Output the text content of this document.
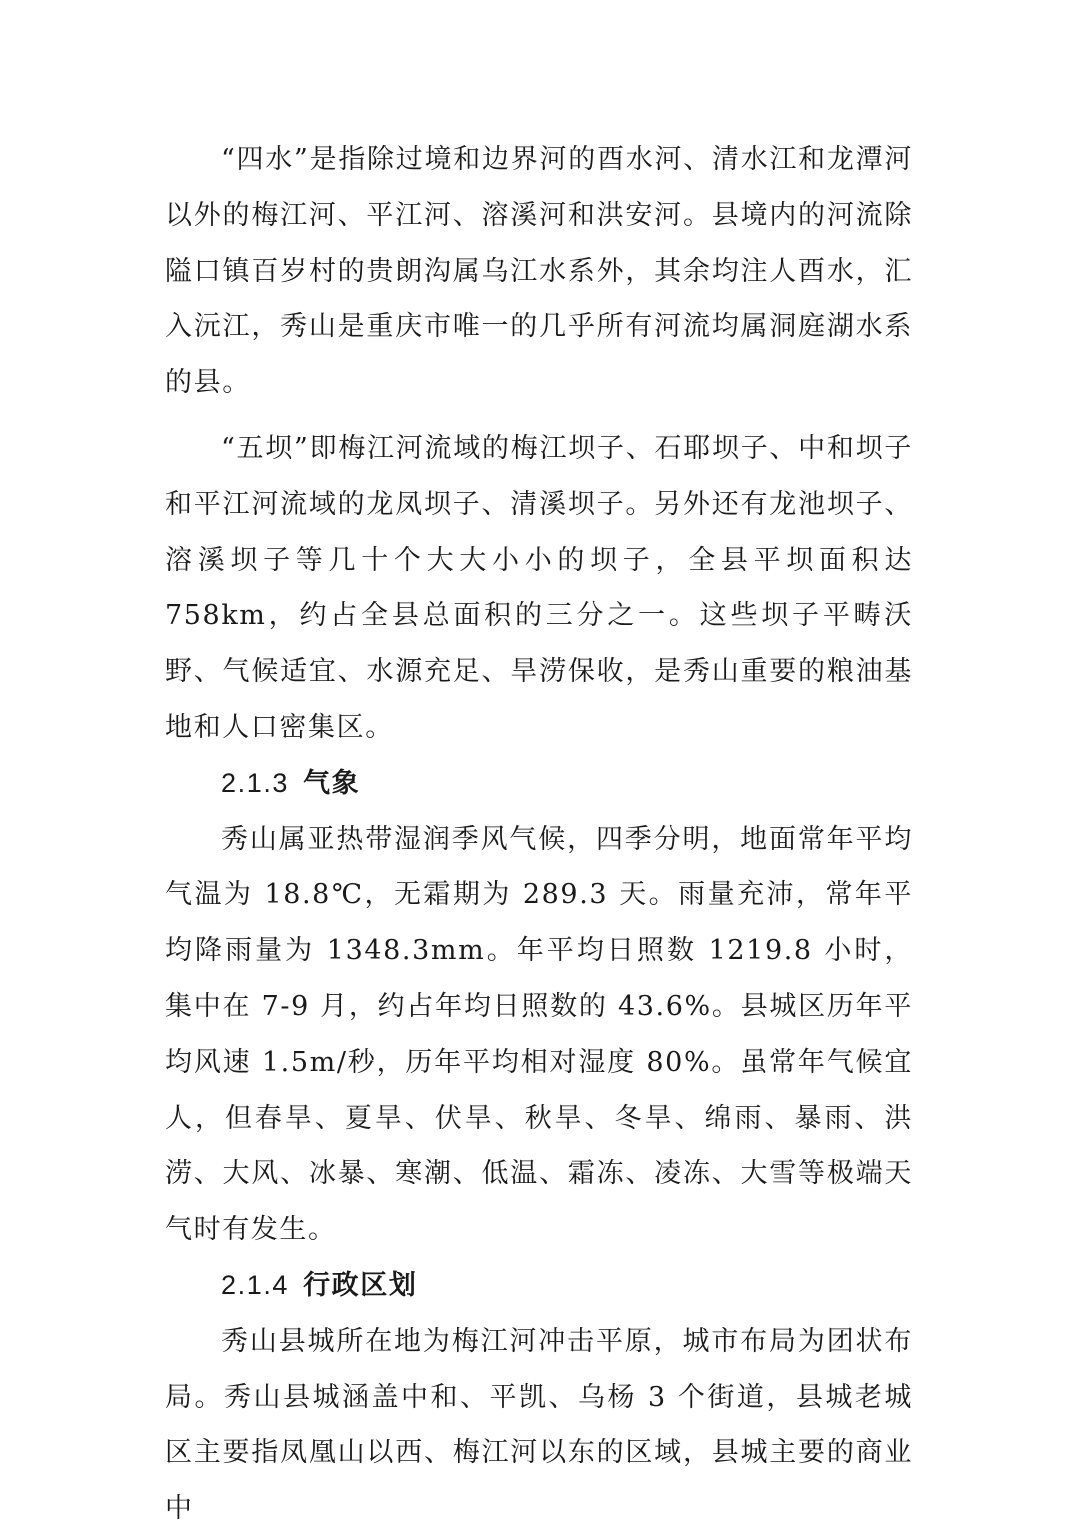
“四水”是指除过境和边界河的酉水河、清水江和龙潭河以外的梅江河、平江河、溶溪河和洪安河。县境内的河流除隘口镇百岁村的贵朗沟属乌江水系外，其余均注人酉水，汇入沅江，秀山是重庆市唯一的几乎所有河流均属洞庭湖水系的县。

“五坝”即梅江河流域的梅江坝子、石耶坝子、中和坝子和平江河流域的龙凤坝子、清溪坝子。另外还有龙池坝子、溶溪坝子等几十个大大小小的坝子，全县平坝面积达 758km，约占全县总面积的三分之一。这些坝子平畴沃野、气候适宜、水源充足、旱涝保收，是秀山重要的粮油基地和人口密集区。

2.1.3 气象

秀山属亚热带湿润季风气候，四季分明，地面常年平均气温为 18.8℃，无霜期为 289.3 天。雨量充沛，常年平均降雨量为 1348.3mm。年平均日照数 1219.8 小时，集中在 7-9 月，约占年均日照数的 43.6%。县城区历年平均风速 1.5m/秒，历年平均相对湿度 80%。虽常年气候宜人，但春旱、夏旱、伏旱、秋旱、冬旱、绵雨、暴雨、洪涝、大风、冰暴、寒潮、低温、霜冻、凌冻、大雪等极端天气时有发生。

2.1.4 行政区划

秀山县城所在地为梅江河冲击平原，城市布局为团状布局。秀山县城涵盖中和、平凯、乌杨 3 个街道，县城老城区主要指凤凰山以西、梅江河以东的区域，县城主要的商业中
